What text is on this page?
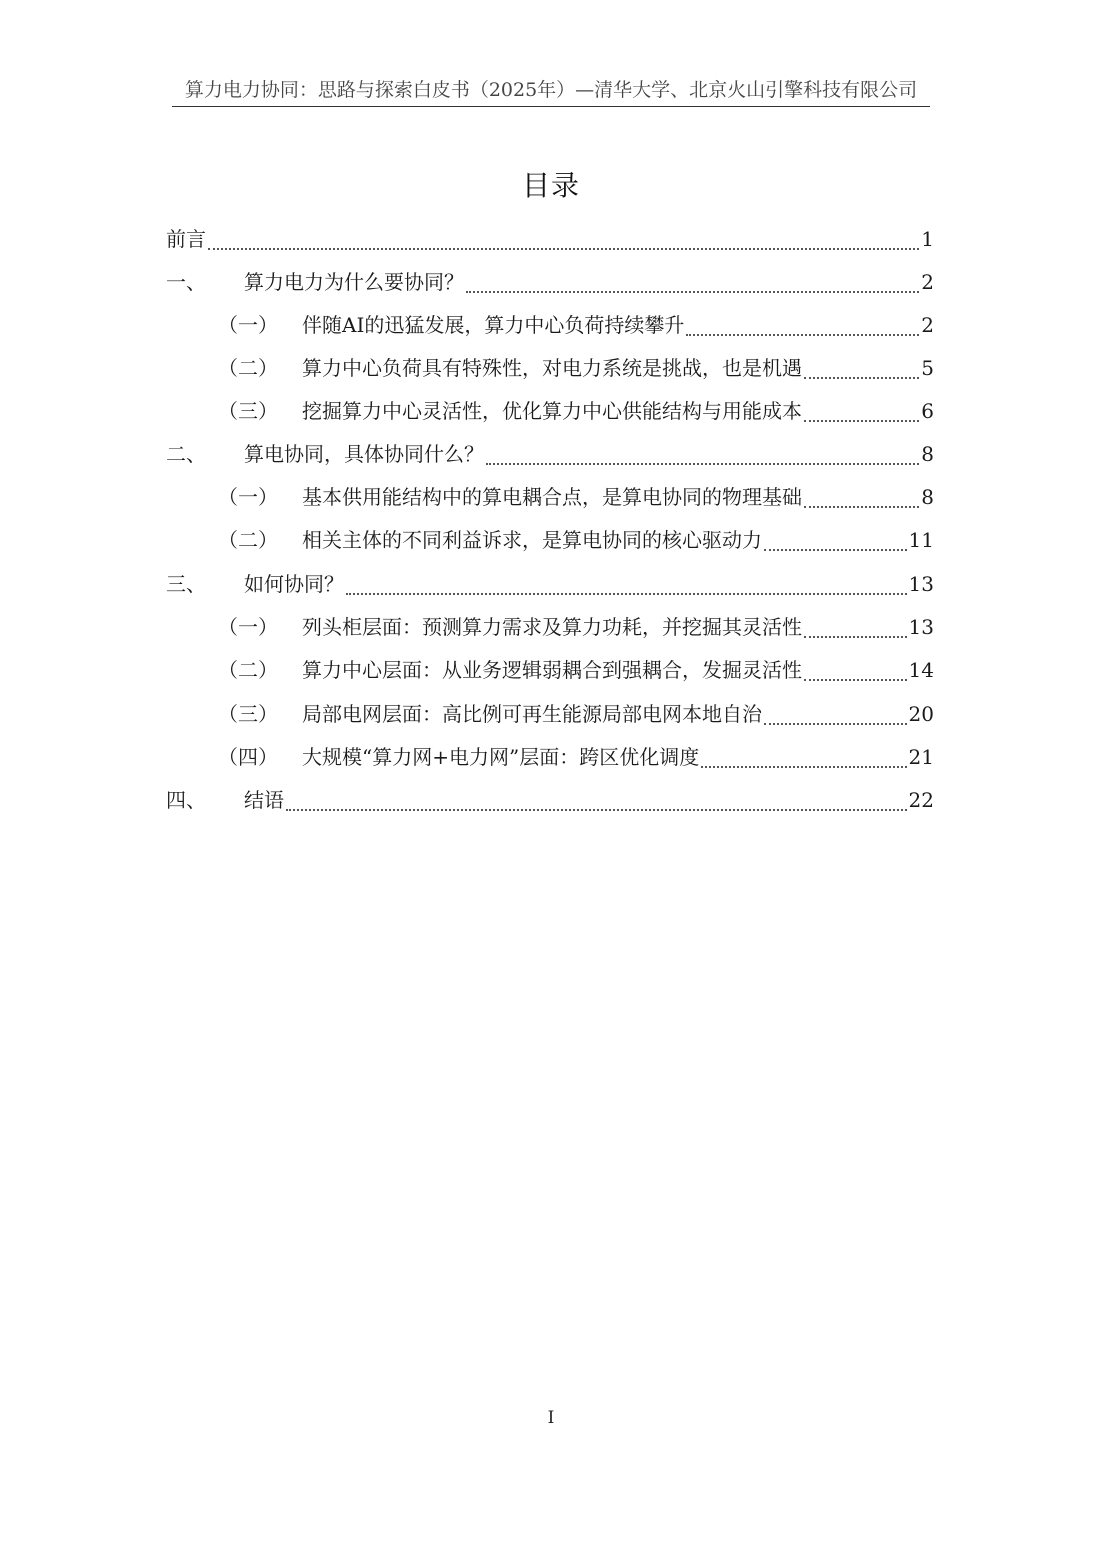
算力电力协同：思路与探索白皮书（2025年）—清华大学、北京火山引擎科技有限公司
目录
前言	1
一、	算力电力为什么要协同？	2
（一）	伴随AI的迅猛发展，算力中心负荷持续攀升	2
（二）	算力中心负荷具有特殊性，对电力系统是挑战，也是机遇	5
（三）	挖掘算力中心灵活性，优化算力中心供能结构与用能成本	6
二、	算电协同，具体协同什么？	8
（一）	基本供用能结构中的算电耦合点，是算电协同的物理基础	8
（二）	相关主体的不同利益诉求，是算电协同的核心驱动力	11
三、	如何协同？	13
（一）	列头柜层面：预测算力需求及算力功耗，并挖掘其灵活性	13
（二）	算力中心层面：从业务逻辑弱耦合到强耦合，发掘灵活性	14
（三）	局部电网层面：高比例可再生能源局部电网本地自治	20
（四）	大规模“算力网+电力网”层面：跨区优化调度	21
四、	结语	22
I
